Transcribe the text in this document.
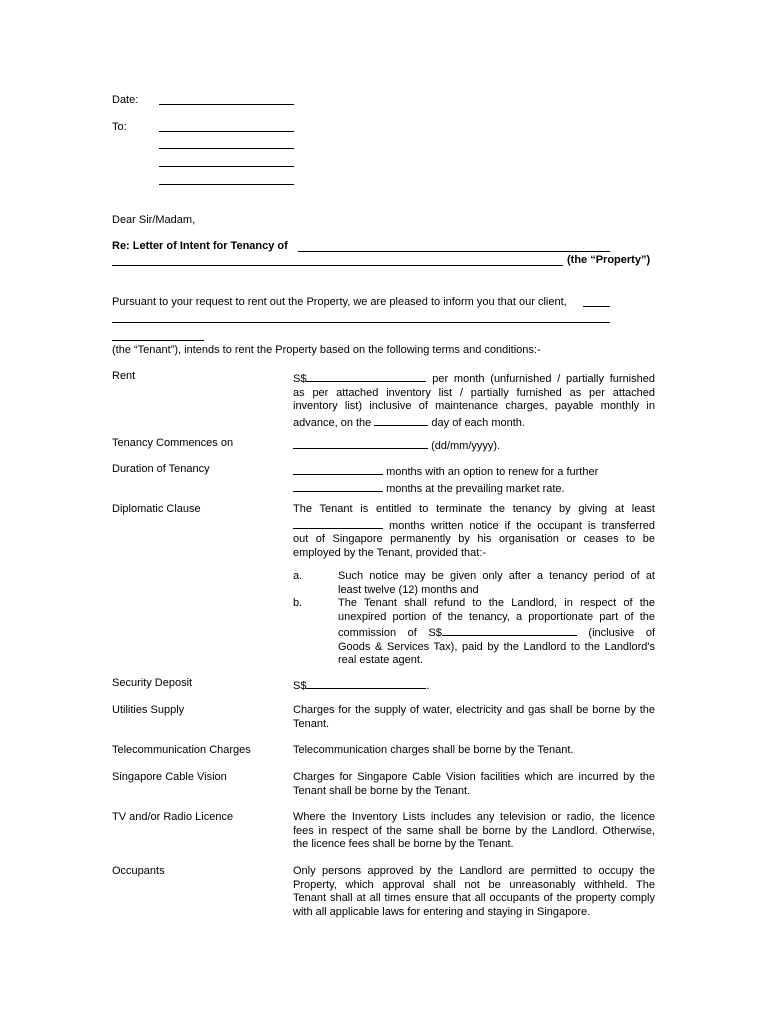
Date:
To:
Dear Sir/Madam,
Re: Letter of Intent for Tenancy of
(the “Property”)
Pursuant to your request to rent out the Property, we are pleased to inform you that our client,
(the “Tenant”), intends to rent the Property based on the following terms and conditions:-
Rent	S$	per month (unfurnished / partially furnished
as per attached inventory list / partially furnished as per attached
inventory list) inclusive of maintenance charges, payable monthly in
advance, on the	day of each month.
Tenancy Commences on	(dd/mm/yyyy).
Duration of Tenancy	months with an option to renew for a further
months at the prevailing market rate.
Diplomatic Clause	The Tenant is entitled to terminate the tenancy by giving at least
months written notice if the occupant is transferred
out of Singapore permanently by his organisation or ceases to be
employed by the Tenant, provided that:-
a.	Such notice may be given only after a tenancy period of at
least twelve (12) months and
b.	The Tenant shall refund to the Landlord, in respect of the
unexpired portion of the tenancy, a proportionate part of the
commission of S$	(inclusive of
Goods & Services Tax), paid by the Landlord to the Landlord's
real estate agent.
Security Deposit	S$	.
Utilities Supply	Charges for the supply of water, electricity and gas shall be borne by the
Tenant.
Telecommunication Charges	Telecommunication charges shall be borne by the Tenant.
Singapore Cable Vision	Charges for Singapore Cable Vision facilities which are incurred by the
Tenant shall be borne by the Tenant.
TV and/or Radio Licence	Where the Inventory Lists includes any television or radio, the licence
fees in respect of the same shall be borne by the Landlord. Otherwise,
the licence fees shall be borne by the Tenant.
Occupants	Only persons approved by the Landlord are permitted to occupy the
Property, which approval shall not be unreasonably withheld. The
Tenant shall at all times ensure that all occupants of the property comply
with all applicable laws for entering and staying in Singapore.
